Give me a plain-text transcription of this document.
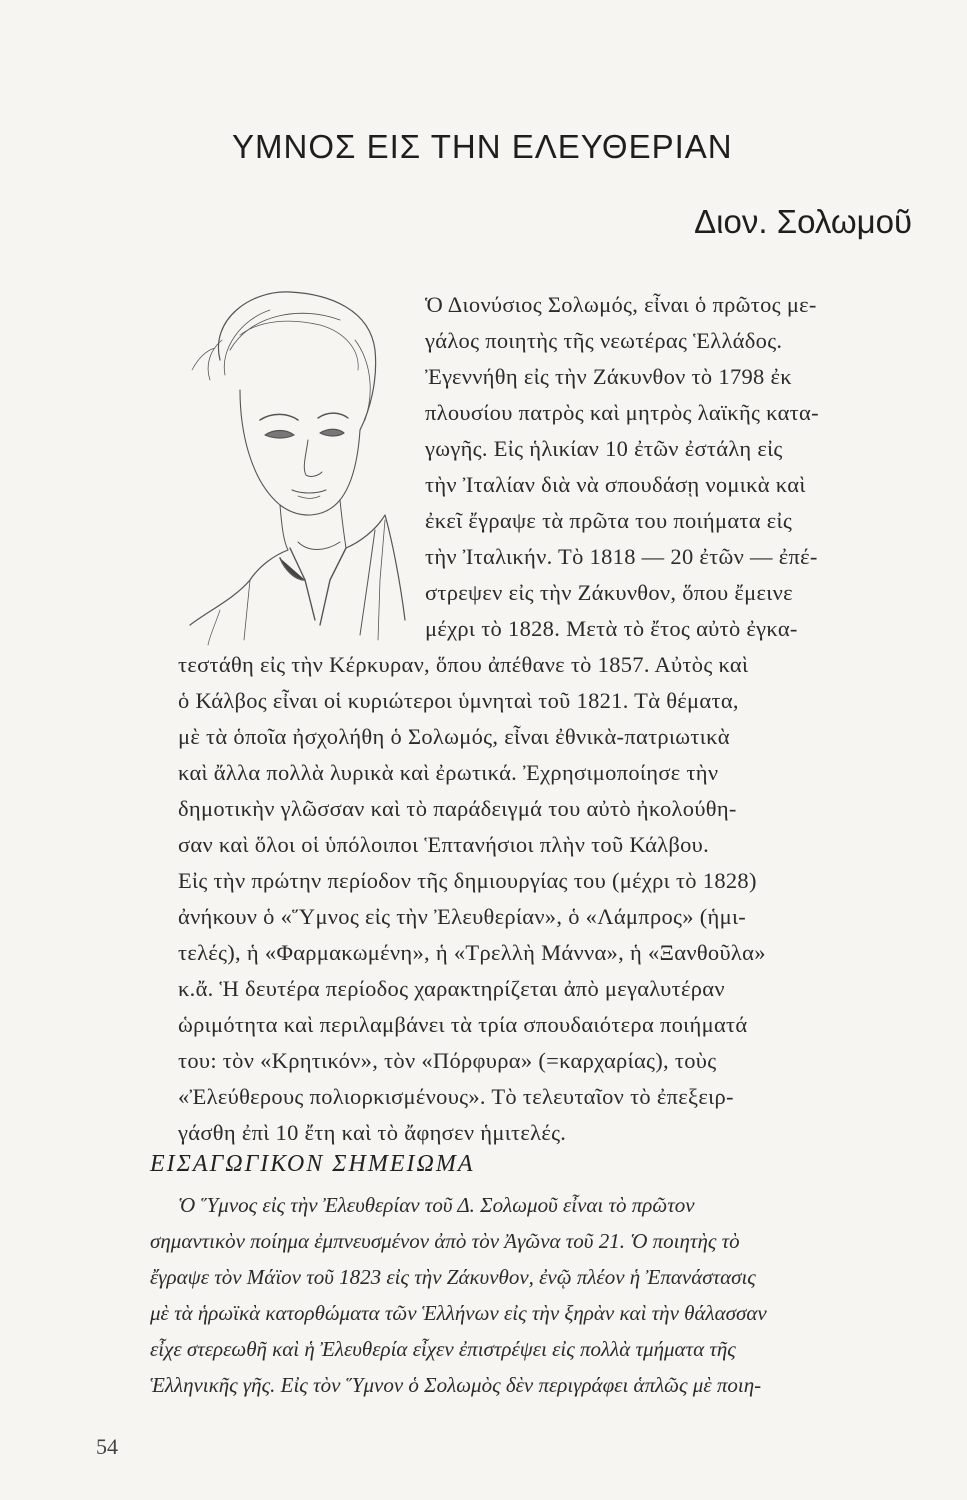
ΥΜΝΟΣ ΕΙΣ ΤΗΝ ΕΛΕΥΘΕΡΙΑΝ
Διον. Σολωμοῦ
Ὁ Διονύσιος Σολωμός, εἶναι ὁ πρῶτος με-
γάλος ποιητὴς τῆς νεωτέρας Ἑλλάδος.
Ἐγεννήθη εἰς τὴν Ζάκυνθον τὸ 1798 ἐκ
πλουσίου πατρὸς καὶ μητρὸς λαϊκῆς κατα-
γωγῆς. Εἰς ἡλικίαν 10 ἐτῶν ἐστάλη εἰς
τὴν Ἰταλίαν διὰ νὰ σπουδάσῃ νομικὰ καὶ
ἐκεῖ ἔγραψε τὰ πρῶτα του ποιήματα εἰς
τὴν Ἰταλικήν. Τὸ 1818 — 20 ἐτῶν — ἐπέ-
στρεψεν εἰς τὴν Ζάκυνθον, ὅπου ἔμεινε
μέχρι τὸ 1828. Μετὰ τὸ ἔτος αὐτὸ ἐγκα-
τεστάθη εἰς τὴν Κέρκυραν, ὅπου ἀπέθανε τὸ 1857. Αὐτὸς καὶ
ὁ Κάλβος εἶναι οἱ κυριώτεροι ὑμνηταὶ τοῦ 1821. Τὰ θέματα,
μὲ τὰ ὁποῖα ἠσχολήθη ὁ Σολωμός, εἶναι ἐθνικὰ-πατριωτικὰ
καὶ ἄλλα πολλὰ λυρικὰ καὶ ἐρωτικά. Ἐχρησιμοποίησε τὴν
δημοτικὴν γλῶσσαν καὶ τὸ παράδειγμά του αὐτὸ ἠκολούθη-
σαν καὶ ὅλοι οἱ ὑπόλοιποι Ἑπτανήσιοι πλὴν τοῦ Κάλβου.
Εἰς τὴν πρώτην περίοδον τῆς δημιουργίας του (μέχρι τὸ 1828)
ἀνήκουν ὁ «Ὕμνος εἰς τὴν Ἐλευθερίαν», ὁ «Λάμπρος» (ἡμι-
τελές), ἡ «Φαρμακωμένη», ἡ «Τρελλὴ Μάννα», ἡ «Ξανθοῦλα»
κ.ἄ. Ἡ δευτέρα περίοδος χαρακτηρίζεται ἀπὸ μεγαλυτέραν
ὡριμότητα καὶ περιλαμβάνει τὰ τρία σπουδαιότερα ποιήματά
του: τὸν «Κρητικόν», τὸν «Πόρφυρα» (=καρχαρίας), τοὺς
«Ἐλεύθερους πολιορκισμένους». Τὸ τελευταῖον τὸ ἐπεξειρ-
γάσθη ἐπὶ 10 ἔτη καὶ τὸ ἄφησεν ἡμιτελές.
ΕΙΣΑΓΩΓΙΚΟΝ ΣΗΜΕΙΩΜΑ
Ὁ Ὕμνος εἰς τὴν Ἐλευθερίαν τοῦ Δ. Σολωμοῦ εἶναι τὸ πρῶτον
σημαντικὸν ποίημα ἐμπνευσμένον ἀπὸ τὸν Ἀγῶνα τοῦ 21. Ὁ ποιητὴς τὸ
ἔγραψε τὸν Μάϊον τοῦ 1823 εἰς τὴν Ζάκυνθον, ἐνῷ πλέον ἡ Ἐπανάστασις
μὲ τὰ ἡρωϊκὰ κατορθώματα τῶν Ἑλλήνων εἰς τὴν ξηρὰν καὶ τὴν θάλασσαν
εἶχε στερεωθῆ καὶ ἡ Ἐλευθερία εἶχεν ἐπιστρέψει εἰς πολλὰ τμήματα τῆς
Ἑλληνικῆς γῆς. Εἰς τὸν Ὕμνον ὁ Σολωμὸς δὲν περιγράφει ἁπλῶς μὲ ποιη-
54
